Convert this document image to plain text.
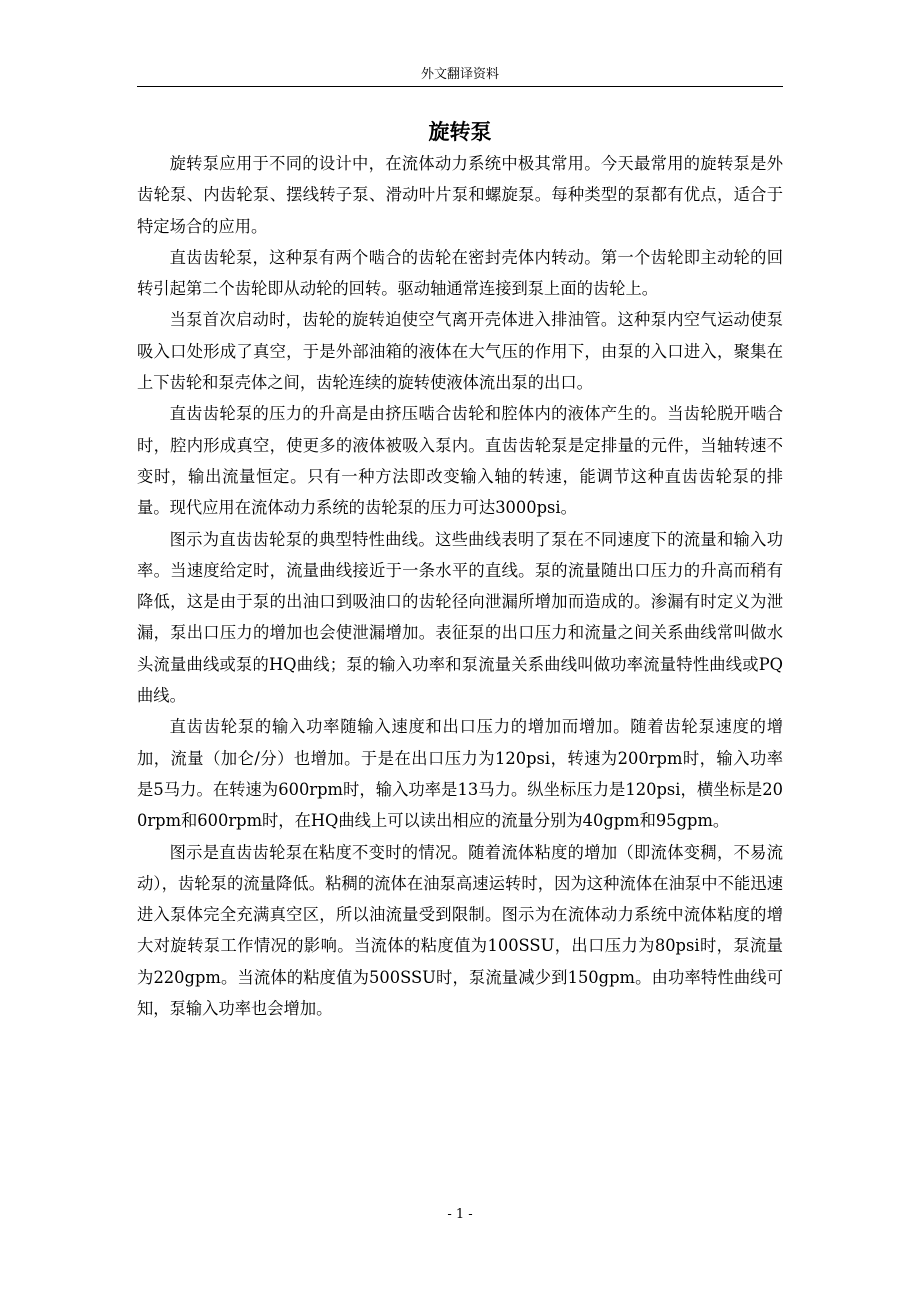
外文翻译资料
旋转泵

旋转泵应用于不同的设计中，在流体动力系统中极其常用。今天最常用的旋转泵是外齿轮泵、内齿轮泵、摆线转子泵、滑动叶片泵和螺旋泵。每种类型的泵都有优点，适合于特定场合的应用。

直齿齿轮泵，这种泵有两个啮合的齿轮在密封壳体内转动。第一个齿轮即主动轮的回转引起第二个齿轮即从动轮的回转。驱动轴通常连接到泵上面的齿轮上。

当泵首次启动时，齿轮的旋转迫使空气离开壳体进入排油管。这种泵内空气运动使泵吸入口处形成了真空，于是外部油箱的液体在大气压的作用下，由泵的入口进入，聚集在上下齿轮和泵壳体之间，齿轮连续的旋转使液体流出泵的出口。

直齿齿轮泵的压力的升高是由挤压啮合齿轮和腔体内的液体产生的。当齿轮脱开啮合时，腔内形成真空，使更多的液体被吸入泵内。直齿齿轮泵是定排量的元件，当轴转速不变时，输出流量恒定。只有一种方法即改变输入轴的转速，能调节这种直齿齿轮泵的排量。现代应用在流体动力系统的齿轮泵的压力可达3000psi。

图示为直齿齿轮泵的典型特性曲线。这些曲线表明了泵在不同速度下的流量和输入功率。当速度给定时，流量曲线接近于一条水平的直线。泵的流量随出口压力的升高而稍有降低，这是由于泵的出油口到吸油口的齿轮径向泄漏所增加而造成的。渗漏有时定义为泄漏，泵出口压力的增加也会使泄漏增加。表征泵的出口压力和流量之间关系曲线常叫做水头流量曲线或泵的HQ曲线；泵的输入功率和泵流量关系曲线叫做功率流量特性曲线或PQ曲线。

直齿齿轮泵的输入功率随输入速度和出口压力的增加而增加。随着齿轮泵速度的增加，流量（加仑/分）也增加。于是在出口压力为120psi，转速为200rpm时，输入功率是5马力。在转速为600rpm时，输入功率是13马力。纵坐标压力是120psi，横坐标是200rpm和600rpm时，在HQ曲线上可以读出相应的流量分别为40gpm和95gpm。

图示是直齿齿轮泵在粘度不变时的情况。随着流体粘度的增加（即流体变稠，不易流动），齿轮泵的流量降低。粘稠的流体在油泵高速运转时，因为这种流体在油泵中不能迅速进入泵体完全充满真空区，所以油流量受到限制。图示为在流体动力系统中流体粘度的增大对旋转泵工作情况的影响。当流体的粘度值为100SSU，出口压力为80psi时，泵流量为220gpm。当流体的粘度值为500SSU时，泵流量减少到150gpm。由功率特性曲线可知，泵输入功率也会增加。

- 1 -
